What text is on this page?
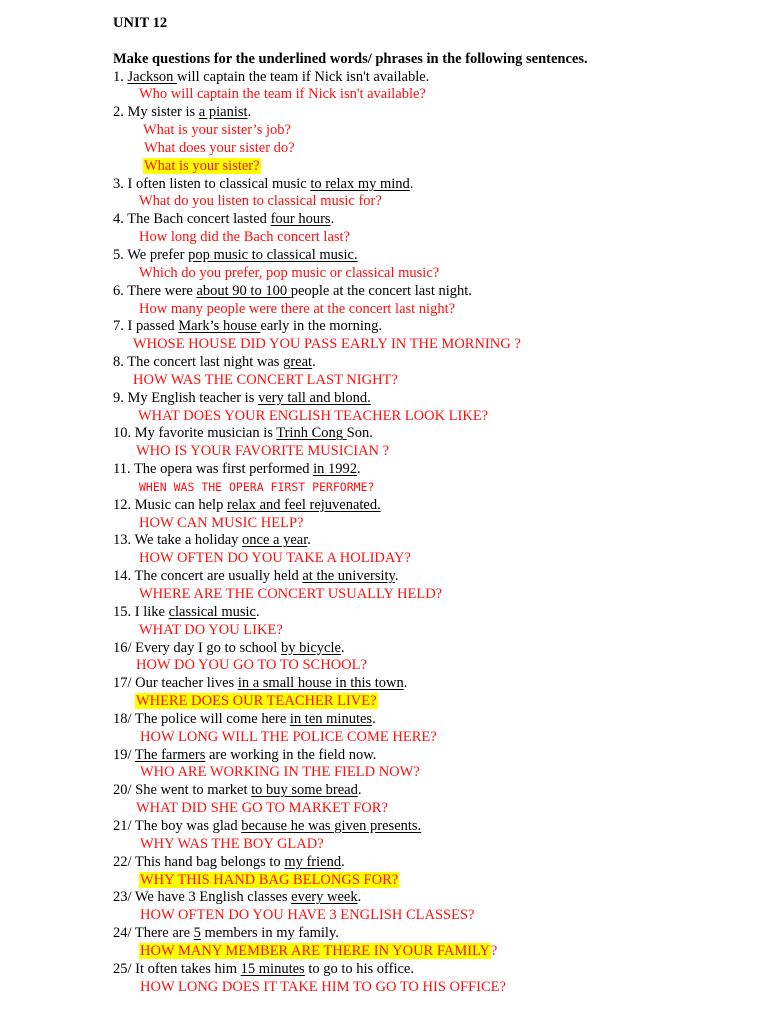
UNIT 12
Make questions for the underlined words/ phrases in the following sentences.
1. Jackson will captain the team if Nick isn't available.
Who will captain the team if Nick isn't available?
2. My sister is a pianist.
What is your sister’s job?
What does your sister do?
What is your sister?
3. I often listen to classical music to relax my mind.
What do you listen to classical music for?
4. The Bach concert lasted four hours.
How long did the Bach concert last?
5. We prefer pop music to classical music.
Which do you prefer, pop music or classical music?
6. There were about 90 to 100 people at the concert last night.
How many people were there at the concert last night?
7. I passed Mark’s house early in the morning.
WHOSE HOUSE DID YOU PASS EARLY IN THE MORNING ?
8. The concert last night was great.
HOW WAS THE CONCERT LAST NIGHT?
9. My English teacher is very tall and blond.
WHAT DOES YOUR ENGLISH TEACHER LOOK LIKE?
10. My favorite musician is Trinh Cong Son.
WHO IS YOUR FAVORITE MUSICIAN ?
11. The opera was first performed in 1992.
WHEN WAS THE OPERA FIRST PERFORME?
12. Music can help relax and feel rejuvenated.
HOW CAN MUSIC HELP?
13. We take a holiday once a year.
HOW OFTEN DO YOU TAKE A HOLIDAY?
14. The concert are usually held at the university.
WHERE ARE THE CONCERT USUALLY HELD?
15. I like classical music.
WHAT DO YOU LIKE?
16/ Every day I go to school by bicycle.
HOW DO YOU GO TO TO SCHOOL?
17/ Our teacher lives in a small house in this town.
WHERE DOES OUR TEACHER LIVE?
18/ The police will come here in ten minutes.
HOW LONG WILL THE POLICE COME HERE?
19/ The farmers are working in the field now.
WHO ARE WORKING IN THE FIELD NOW?
20/ She went to market to buy some bread.
WHAT DID SHE GO TO MARKET FOR?
21/ The boy was glad because he was given presents.
WHY WAS THE BOY GLAD?
22/ This hand bag belongs to my friend.
WHY THIS HAND BAG BELONGS FOR?
23/ We have 3 English classes every week.
HOW OFTEN DO YOU HAVE 3 ENGLISH CLASSES?
24/ There are 5 members in my family.
HOW MANY MEMBER ARE THERE IN YOUR FAMILY?
25/ It often takes him 15 minutes to go to his office.
HOW LONG DOES IT TAKE HIM TO GO TO HIS OFFICE?
